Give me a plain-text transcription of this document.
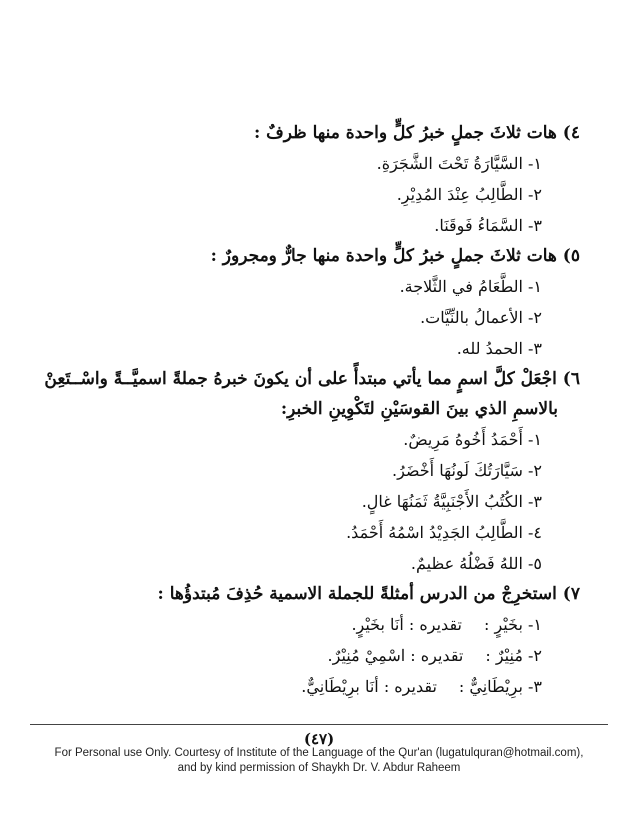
٤) هات ثلاثَ جملٍ خبرُ كلٍّ واحدة منها ظرفٌ :

١- السَّيَّارَةُ تَحْتَ الشَّجَرَةِ.

٢- الطَّالِبُ عِنْدَ المُدِيْرِ.

٣- السَّمَاءُ فَوقَنَا.

٥) هات ثلاثَ جملٍ خبرُ كلٍّ واحدة منها جارٌّ ومجرورٌ :

١- الطَّعَامُ في الثَّلاجة.

٢- الأعمالُ بالنِّيَّات.

٣- الحمدُ لله.

٦) اجْعَلْ كلَّ اسمٍ مما يأتي مبتدأً على أن يكونَ خبرهُ جملةً اسميَّــةً واسْــتَعِنْ

بالاسمِ الذي بينَ القوسَيْنِ لتَكْوِينِ الخبرِ:

١- أَحْمَدُ أَخُوهُ مَرِيضٌ.

٢- سَيَّارَتُكَ لَونُهَا أَخْضَرُ.

٣- الكُتُبُ الأَجْنَبِيَّةُ ثَمَنُهَا غالٍ.

٤- الطَّالِبُ الجَدِيْدُ اسْمُهُ أَحْمَدُ.

٥- اللهُ فَضْلُهُ عظيمٌ.

٧) استخرِجْ من الدرس أمثلةً للجملة الاسمية حُذِفَ مُبتدؤُها :

١- بخَيْرٍ :تقديره : أنَا بخَيْرٍ.

٢- مُنِيْرٌ :تقديره : اسْمِيْ مُنِيْرٌ.

٣- برِيْطَانِيٌّ :تقديره : أنَا برِيْطَانِيٌّ.

(٤٧)
For Personal use Only. Courtesy of Institute of the Language of the Qur'an (lugatulquran@hotmail.com),
and by kind permission of Shaykh Dr. V. Abdur Raheem
